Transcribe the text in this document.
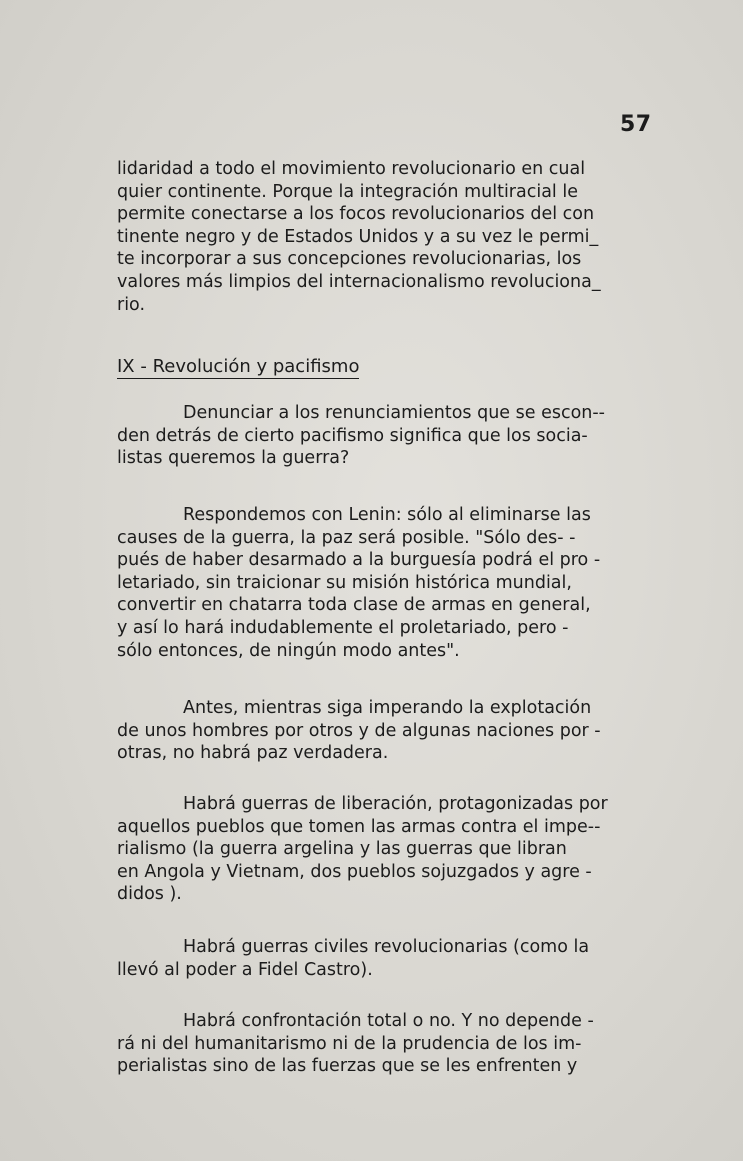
57
lidaridad a todo el movimiento revolucionario en cual
quier continente. Porque la integración multiracial le
permite conectarse a los focos revolucionarios del con
tinente negro y de Estados Unidos y a su vez le permi_
te incorporar a sus concepciones revolucionarias, los
valores más limpios del internacionalismo revoluciona_
rio.
IX - Revolución y pacifismo
Denunciar a los renunciamientos que se escon--
den detrás de cierto pacifismo significa que los socia-
listas queremos la guerra?
Respondemos con Lenin: sólo al eliminarse las
causes de la guerra, la paz será posible. "Sólo des- -
pués de haber desarmado a la burguesía podrá el pro -
letariado, sin traicionar su misión histórica mundial,
convertir en chatarra toda clase de armas en general,
y así lo hará indudablemente el proletariado, pero -
sólo entonces, de ningún modo antes".
Antes, mientras siga imperando la explotación
de unos hombres por otros y de algunas naciones por -
otras, no habrá paz verdadera.
Habrá guerras de liberación, protagonizadas por
aquellos pueblos que tomen las armas contra el impe--
rialismo (la guerra argelina y las guerras que libran
en Angola y Vietnam, dos pueblos sojuzgados y agre -
didos ).
Habrá guerras civiles revolucionarias (como la
llevó al poder a Fidel Castro).
Habrá confrontación total o no. Y no depende -
rá ni del humanitarismo ni de la prudencia de los im-
perialistas sino de las fuerzas que se les enfrenten y
